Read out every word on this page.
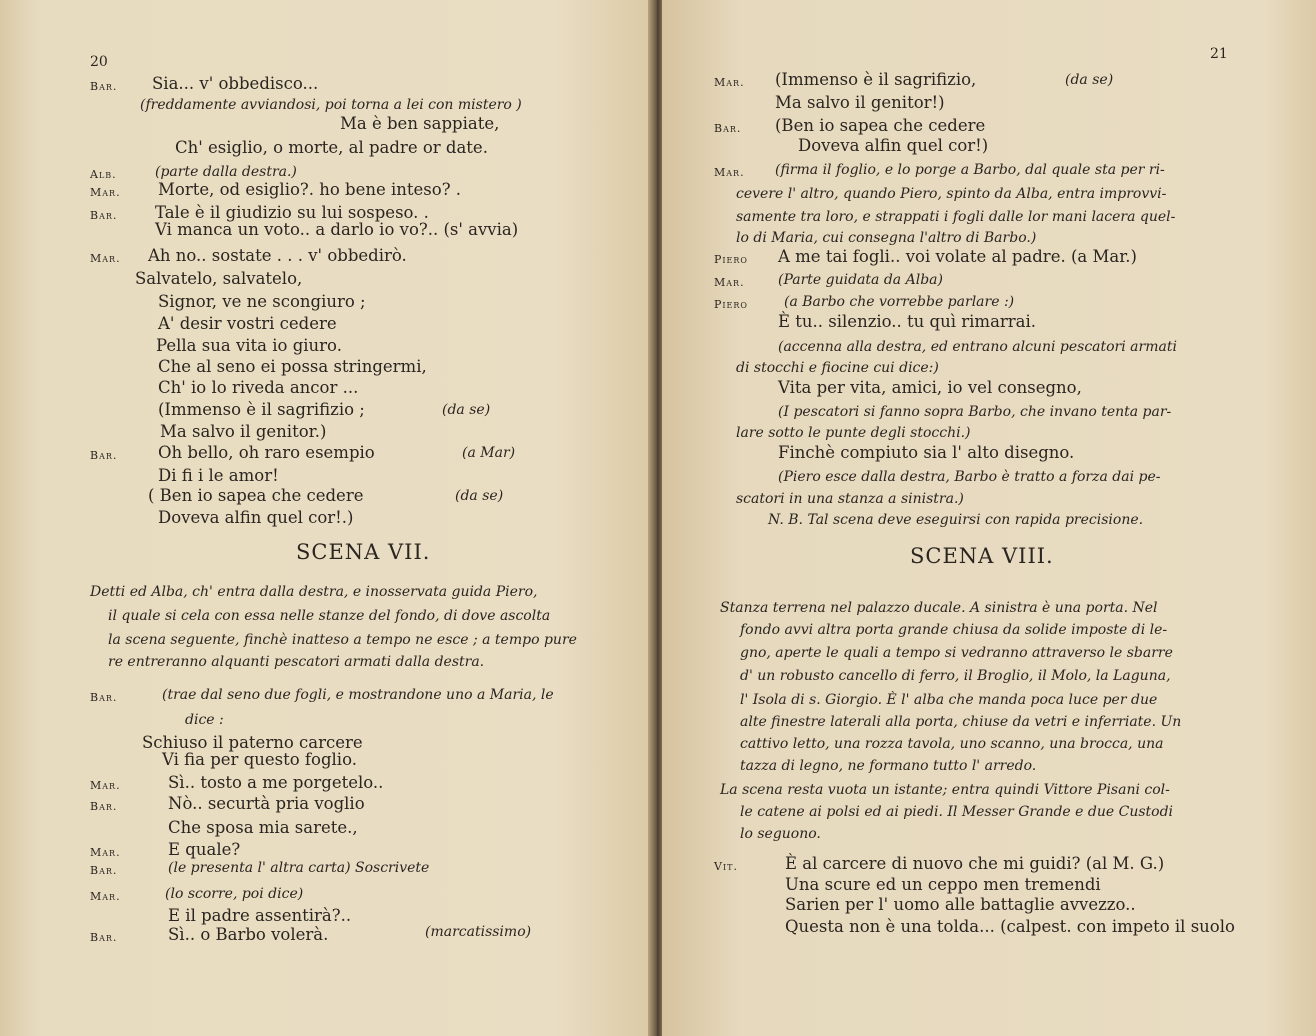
20
SCENA VII.
Bar. Sia... v' obbedisco...
(freddamente avviandosi, poi torna a lei con mistero )
Ma è ben sappiate,
Ch' esiglio, o morte, al padre or date.
Alb.	(parte dalla destra.)
Mar. Morte, od esiglio?. ho bene inteso? .
Bar. Tale è il giudizio su lui sospeso. .
Vi manca un voto.. a darlo io vo?.. (s' avvia)
Mar. Ah no.. sostate . . . v' obbedirò.
Salvatelo, salvatelo,
Signor, ve ne scongiuro ;
A' desir vostri cedere
Pella sua vita io giuro.
Che al seno ei possa stringermi,
Ch' io lo riveda ancor ...
(Immenso è il sagrifizio ;	(da se)
Ma salvo il genitor.)
Bar. Oh bello, oh raro esempio	(a Mar)
Di fi i le amor!
( Ben io sapea che cedere	(da se)
Doveva alfin quel cor!.)
Detti ed Alba, ch' entra dalla destra, e inosservata guida Piero,
il quale si cela con essa nelle stanze del fondo, di dove ascolta
la scena seguente, finchè inatteso a tempo ne esce ; a tempo pure
re entreranno alquanti pescatori armati dalla destra.
Bar.	(trae dal seno due fogli, e mostrandone uno a Maria, le
dice :
Schiuso il paterno carcere
Vi fia per questo foglio.
Mar.	Sì.. tosto a me porgetelo..
Bar.	Nò.. securtà pria voglio
Che sposa mia sarete.,
Mar.	E quale?
Bar.	(le presenta l' altra carta) Soscrivete
Mar.	(lo scorre, poi dice)
E il padre assentirà?..
Bar.	Sì.. o Barbo volerà.	(marcatissimo)
21
SCENA VIII.
Mar. (Immenso è il sagrifizio,	(da se)
Ma salvo il genitor!)
Bar. (Ben io sapea che cedere
Doveva alfin quel cor!)
Mar. (firma il foglio, e lo porge a Barbo, dal quale sta per ri-
cevere l' altro, quando Piero, spinto da Alba, entra improvvi-
samente tra loro, e strappati i fogli dalle lor mani lacera quel-
lo di Maria, cui consegna l'altro di Barbo.)
Piero A me tai fogli.. voi volate al padre. (a Mar.)
Mar. (Parte guidata da Alba)
Piero	(a Barbo che vorrebbe parlare :)
È tu.. silenzio.. tu quì rimarrai.
(accenna alla destra, ed entrano alcuni pescatori armati
di stocchi e fiocine cui dice:)
Vita per vita, amici, io vel consegno,
(I pescatori si fanno sopra Barbo, che invano tenta par-
lare sotto le punte degli stocchi.)
Finchè compiuto sia l' alto disegno.
(Piero esce dalla destra, Barbo è tratto a forza dai pe-
scatori in una stanza a sinistra.)
N. B. Tal scena deve eseguirsi con rapida precisione.
Stanza terrena nel palazzo ducale. A sinistra è una porta. Nel
fondo avvi altra porta grande chiusa da solide imposte di le-
gno, aperte le quali a tempo si vedranno attraverso le sbarre
d' un robusto cancello di ferro, il Broglio, il Molo, la Laguna,
l' Isola di s. Giorgio. È l' alba che manda poca luce per due
alte finestre laterali alla porta, chiuse da vetri e inferriate. Un
cattivo letto, una rozza tavola, uno scanno, una brocca, una
tazza di legno, ne formano tutto l' arredo.
La scena resta vuota un istante; entra quindi Vittore Pisani col-
le catene ai polsi ed ai piedi. Il Messer Grande e due Custodi
lo seguono.
Vit.	È al carcere di nuovo che mi guidi? (al M. G.)
Una scure ed un ceppo men tremendi
Sarien per l' uomo alle battaglie avvezzo..
Questa non è una tolda... (calpest. con impeto il suolo
